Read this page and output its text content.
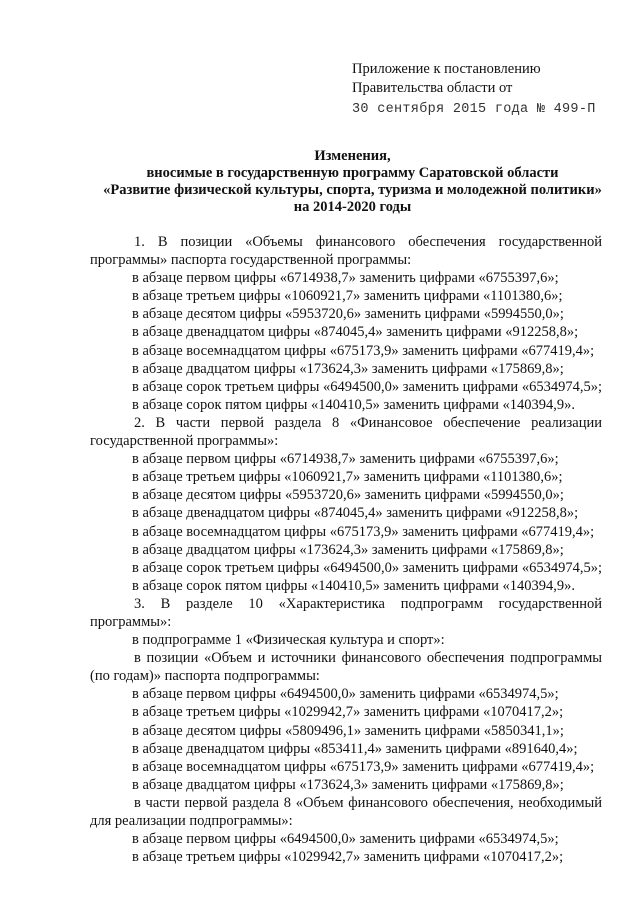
Приложение к постановлению
Правительства области от
30 сентября 2015 года № 499-П
Изменения,
вносимые в государственную программу Саратовской области
«Развитие физической культуры, спорта, туризма и молодежной политики»
на 2014-2020 годы

1. В позиции «Объемы финансового обеспечения государственной программы» паспорта государственной программы:

в абзаце первом цифры «6714938,7» заменить цифрами «6755397,6»;

в абзаце третьем цифры «1060921,7» заменить цифрами «1101380,6»;

в абзаце десятом цифры «5953720,6» заменить цифрами «5994550,0»;

в абзаце двенадцатом цифры «874045,4» заменить цифрами «912258,8»;

в абзаце восемнадцатом цифры «675173,9» заменить цифрами «677419,4»;

в абзаце двадцатом цифры «173624,3» заменить цифрами «175869,8»;

в абзаце сорок третьем цифры «6494500,0» заменить цифрами «6534974,5»;

в абзаце сорок пятом цифры «140410,5» заменить цифрами «140394,9».

2. В части первой раздела 8 «Финансовое обеспечение реализации государственной программы»:

в абзаце первом цифры «6714938,7» заменить цифрами «6755397,6»;

в абзаце третьем цифры «1060921,7» заменить цифрами «1101380,6»;

в абзаце десятом цифры «5953720,6» заменить цифрами «5994550,0»;

в абзаце двенадцатом цифры «874045,4» заменить цифрами «912258,8»;

в абзаце восемнадцатом цифры «675173,9» заменить цифрами «677419,4»;

в абзаце двадцатом цифры «173624,3» заменить цифрами «175869,8»;

в абзаце сорок третьем цифры «6494500,0» заменить цифрами «6534974,5»;

в абзаце сорок пятом цифры «140410,5» заменить цифрами «140394,9».

3. В разделе 10 «Характеристика подпрограмм государственной программы»:

в подпрограмме 1 «Физическая культура и спорт»:

в позиции «Объем и источники финансового обеспечения подпрограммы (по годам)» паспорта подпрограммы:

в абзаце первом цифры «6494500,0» заменить цифрами «6534974,5»;

в абзаце третьем цифры «1029942,7» заменить цифрами «1070417,2»;

в абзаце десятом цифры «5809496,1» заменить цифрами «5850341,1»;

в абзаце двенадцатом цифры «853411,4» заменить цифрами «891640,4»;

в абзаце восемнадцатом цифры «675173,9» заменить цифрами «677419,4»;

в абзаце двадцатом цифры «173624,3» заменить цифрами «175869,8»;

в части первой раздела 8 «Объем финансового обеспечения, необходимый для реализации подпрограммы»:

в абзаце первом цифры «6494500,0» заменить цифрами «6534974,5»;

в абзаце третьем цифры «1029942,7» заменить цифрами «1070417,2»;
